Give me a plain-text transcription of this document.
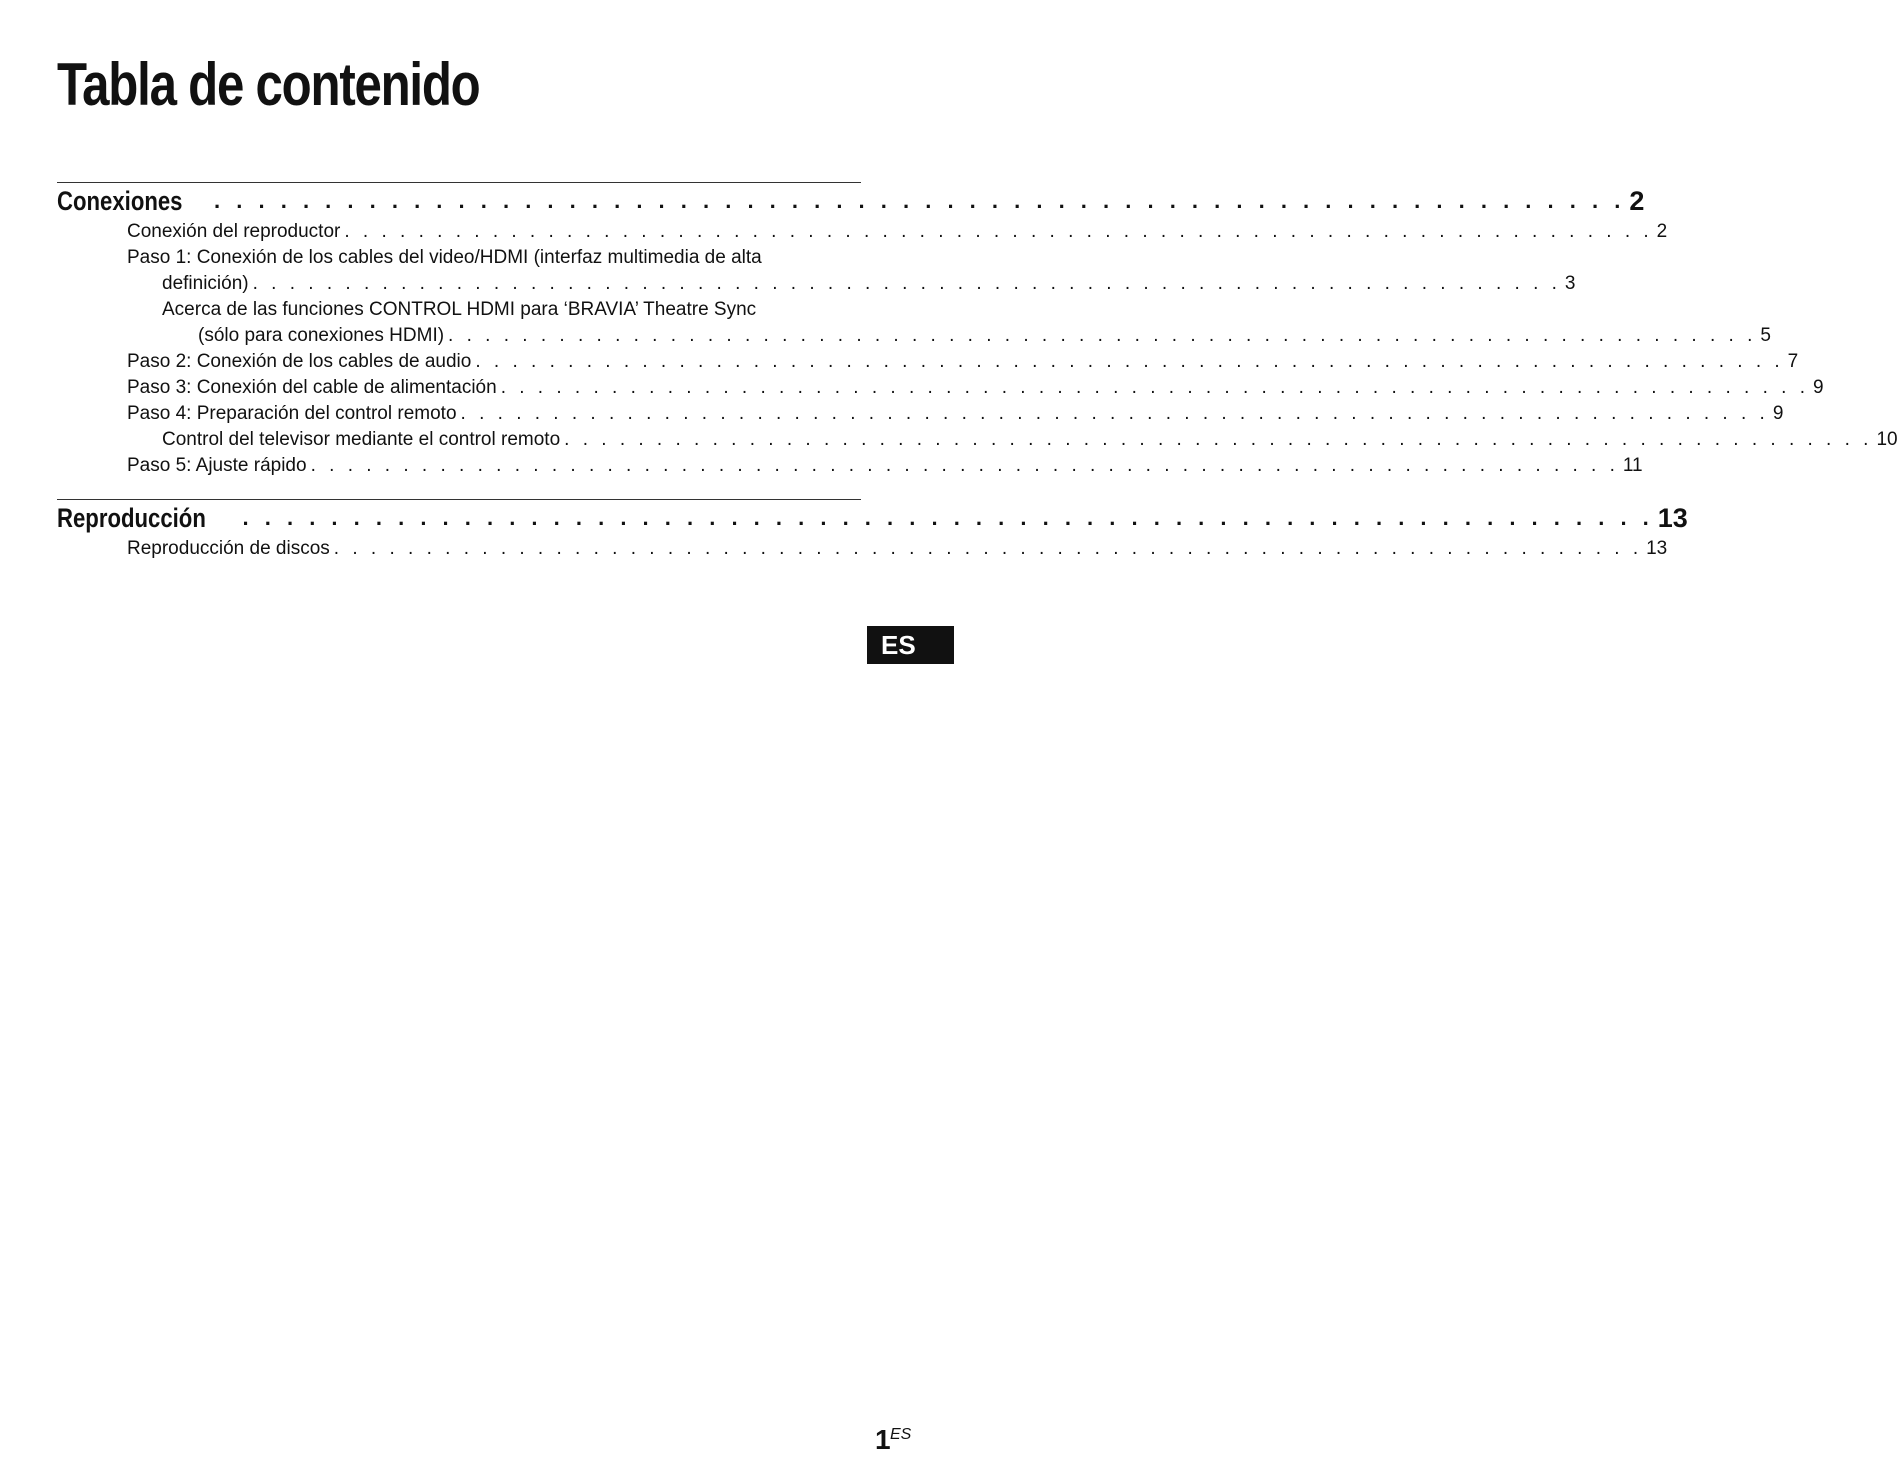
Tabla de contenido
Conexiones . . . . . . . . . . . . . . . . . . . . . . . . . . . . . . . . . . . . . . . . . . . . . . . . . . . . . . . . . . . . . . . . 2
Conexión del reproductor . . . . . . . . . . . . . . . . . . . . . . . . . . . . . . . . . . . . . . . . . . . . . . . . . . . . . . . . . . . . . . . . . . . . . . . 2
Paso 1: Conexión de los cables del video/HDMI (interfaz multimedia de alta
definición) . . . . . . . . . . . . . . . . . . . . . . . . . . . . . . . . . . . . . . . . . . . . . . . . . . . . . . . . . . . . . . . . . . . . . . . 3
Acerca de las funciones CONTROL HDMI para ‘BRAVIA’ Theatre Sync
(sólo para conexiones HDMI) . . . . . . . . . . . . . . . . . . . . . . . . . . . . . . . . . . . . . . . . . . . . . . . . . . . . . . . . . . . . . . . . . . . . . . . 5
Paso 2: Conexión de los cables de audio . . . . . . . . . . . . . . . . . . . . . . . . . . . . . . . . . . . . . . . . . . . . . . . . . . . . . . . . . . . . . . . . . . . . . . . 7
Paso 3: Conexión del cable de alimentación . . . . . . . . . . . . . . . . . . . . . . . . . . . . . . . . . . . . . . . . . . . . . . . . . . . . . . . . . . . . . . . . . . . . . . . 9
Paso 4: Preparación del control remoto . . . . . . . . . . . . . . . . . . . . . . . . . . . . . . . . . . . . . . . . . . . . . . . . . . . . . . . . . . . . . . . . . . . . . . . 9
Control del televisor mediante el control remoto . . . . . . . . . . . . . . . . . . . . . . . . . . . . . . . . . . . . . . . . . . . . . . . . . . . . . . . . . . . . . . . . . . . . . . . 10
Paso 5: Ajuste rápido . . . . . . . . . . . . . . . . . . . . . . . . . . . . . . . . . . . . . . . . . . . . . . . . . . . . . . . . . . . . . . . . . . . . . . . 11
Reproducción . . . . . . . . . . . . . . . . . . . . . . . . . . . . . . . . . . . . . . . . . . . . . . . . . . . . . . . . . . . . . . . . 13
Reproducción de discos . . . . . . . . . . . . . . . . . . . . . . . . . . . . . . . . . . . . . . . . . . . . . . . . . . . . . . . . . . . . . . . . . . . . . . . 13
ES
1 ES
